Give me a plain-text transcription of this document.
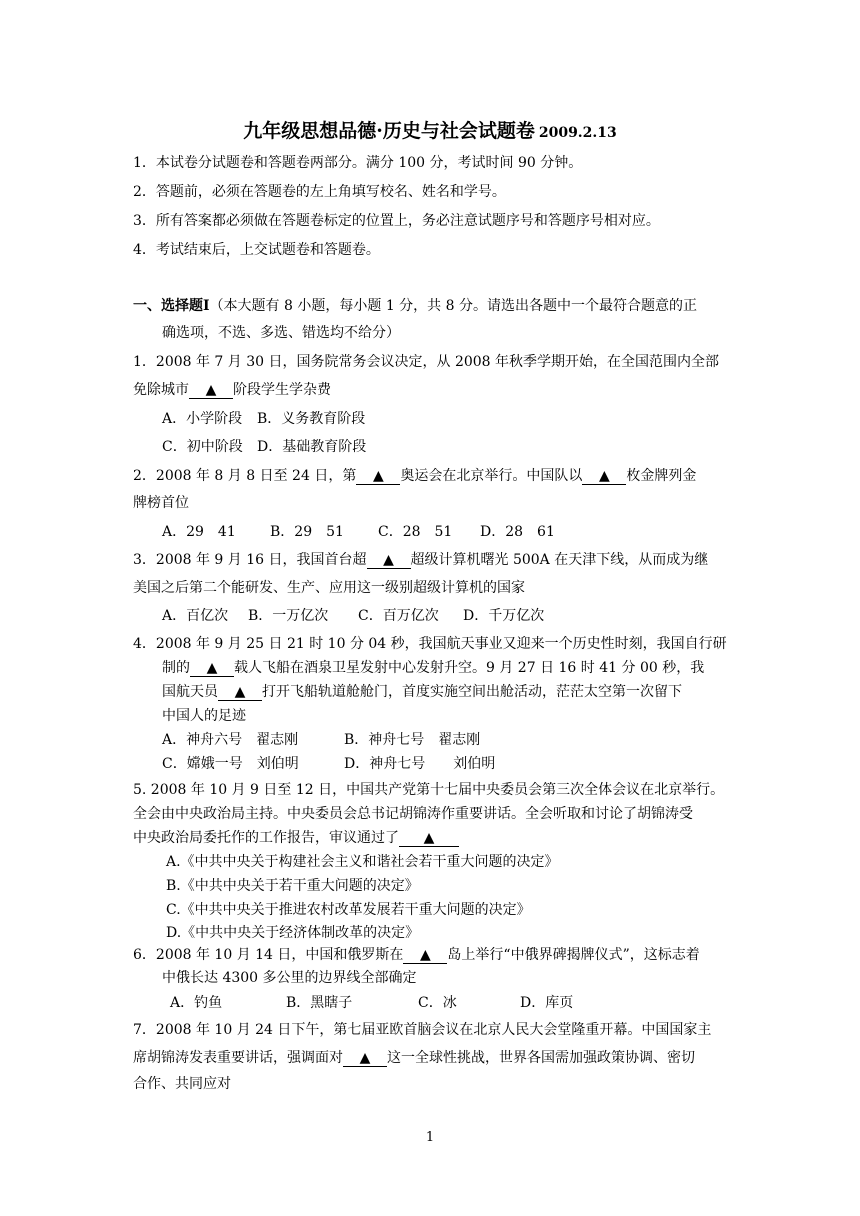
九年级思想品德·历史与社会试题卷 2009.2.13
1．本试卷分试题卷和答题卷两部分。满分 100 分，考试时间 90 分钟。
2．答题前，必须在答题卷的左上角填写校名、姓名和学号。
3．所有答案都必须做在答题卷标定的位置上，务必注意试题序号和答题序号相对应。
4．考试结束后，上交试题卷和答题卷。
一、选择题Ⅰ（本大题有 8 小题，每小题 1 分，共 8 分。请选出各题中一个最符合题意的正
确选项，不选、多选、错选均不给分）
1．2008 年 7 月 30 日，国务院常务会议决定，从 2008 年秋季学期开始，在全国范围内全部
免除城市 ▲ 阶段学生学杂费
A．小学阶段 B．义务教育阶段
C．初中阶段 D．基础教育阶段
2．2008 年 8 月 8 日至 24 日，第 ▲ 奥运会在北京举行。中国队以 ▲ 枚金牌列金
牌榜首位
A．29　41 B．29　51 C．28　51 D．28　61
3．2008 年 9 月 16 日，我国首台超 ▲ 超级计算机曙光 500A 在天津下线，从而成为继
美国之后第二个能研发、生产、应用这一级别超级计算机的国家
A．百亿次 B．一万亿次 C．百万亿次 D．千万亿次
4．2008 年 9 月 25 日 21 时 10 分 04 秒，我国航天事业又迎来一个历史性时刻，我国自行研
制的 ▲ 载人飞船在酒泉卫星发射中心发射升空。9 月 27 日 16 时 41 分 00 秒，我
国航天员 ▲ 打开飞船轨道舱舱门，首度实施空间出舱活动，茫茫太空第一次留下
中国人的足迹
A．神舟六号　翟志刚	B．神舟七号　翟志刚
C．嫦娥一号　刘伯明	D．神舟七号　　刘伯明
5. 2008 年 10 月 9 日至 12 日，中国共产党第十七届中央委员会第三次全体会议在北京举行。
全会由中央政治局主持。中央委员会总书记胡锦涛作重要讲话。全会听取和讨论了胡锦涛受
中央政治局委托作的工作报告，审议通过了 ▲
A.《中共中央关于构建社会主义和谐社会若干重大问题的决定》
B.《中共中央关于若干重大问题的决定》
C.《中共中央关于推进农村改革发展若干重大问题的决定》
D.《中共中央关于经济体制改革的决定》
6．2008 年 10 月 14 日，中国和俄罗斯在 ▲ 岛上举行“中俄界碑揭牌仪式”，这标志着
中俄长达 4300 多公里的边界线全部确定
A．钓鱼	B．黑瞎子	C．冰	D．库页
7．2008 年 10 月 24 日下午，第七届亚欧首脑会议在北京人民大会堂隆重开幕。中国国家主
席胡锦涛发表重要讲话，强调面对 ▲ 这一全球性挑战，世界各国需加强政策协调、密切
合作、共同应对
1
